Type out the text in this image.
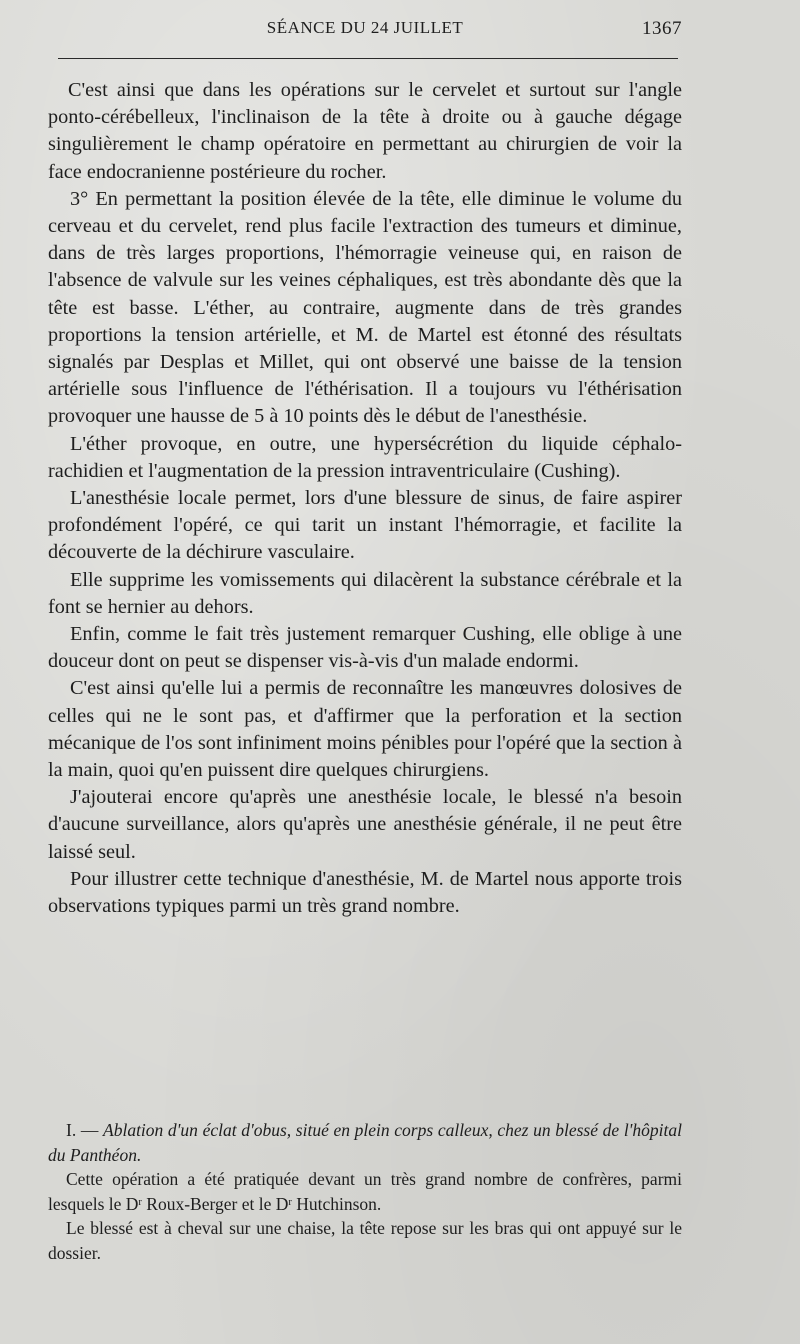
SÉANCE DU 24 JUILLET	1367

C'est ainsi que dans les opérations sur le cervelet et surtout sur l'angle ponto-cérébelleux, l'inclinaison de la tête à droite ou à gauche dégage singulièrement le champ opératoire en permettant au chirurgien de voir la face endocranienne postérieure du rocher.

3° En permettant la position élevée de la tête, elle diminue le volume du cerveau et du cervelet, rend plus facile l'extraction des tumeurs et diminue, dans de très larges proportions, l'hémorragie veineuse qui, en raison de l'absence de valvule sur les veines céphaliques, est très abondante dès que la tête est basse. L'éther, au contraire, augmente dans de très grandes proportions la tension artérielle, et M. de Martel est étonné des résultats signalés par Desplas et Millet, qui ont observé une baisse de la tension artérielle sous l'influence de l'éthérisation. Il a toujours vu l'éthérisation provoquer une hausse de 5 à 10 points dès le début de l'anesthésie.

L'éther provoque, en outre, une hypersécrétion du liquide céphalo-rachidien et l'augmentation de la pression intraventriculaire (Cushing).

L'anesthésie locale permet, lors d'une blessure de sinus, de faire aspirer profondément l'opéré, ce qui tarit un instant l'hémorragie, et facilite la découverte de la déchirure vasculaire.

Elle supprime les vomissements qui dilacèrent la substance cérébrale et la font se hernier au dehors.

Enfin, comme le fait très justement remarquer Cushing, elle oblige à une douceur dont on peut se dispenser vis-à-vis d'un malade endormi.

C'est ainsi qu'elle lui a permis de reconnaître les manœuvres dolosives de celles qui ne le sont pas, et d'affirmer que la perforation et la section mécanique de l'os sont infiniment moins pénibles pour l'opéré que la section à la main, quoi qu'en puissent dire quelques chirurgiens.

J'ajouterai encore qu'après une anesthésie locale, le blessé n'a besoin d'aucune surveillance, alors qu'après une anesthésie générale, il ne peut être laissé seul.

Pour illustrer cette technique d'anesthésie, M. de Martel nous apporte trois observations typiques parmi un très grand nombre.

I. — Ablation d'un éclat d'obus, situé en plein corps calleux, chez un blessé de l'hôpital du Panthéon.

Cette opération a été pratiquée devant un très grand nombre de confrères, parmi lesquels le $D^r$ Roux-Berger et le $D^r$ Hutchinson.

Le blessé est à cheval sur une chaise, la tête repose sur les bras qui ont appuyé sur le dossier.
